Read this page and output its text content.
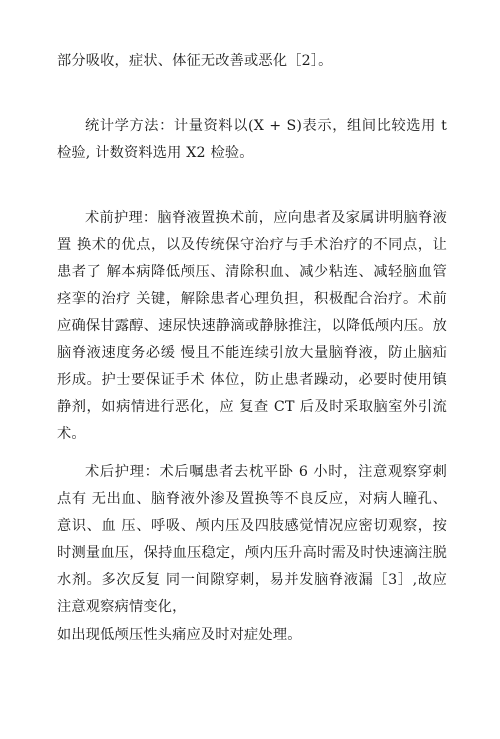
部分吸收，症状、体征无改善或恶化［2］。

统计学方法：计量资料以(X + S)表示，组间比较选用 t 检验, 计数资料选用 X2 检验。

术前护理：脑脊液置换术前，应向患者及家属讲明脑脊液置 换术的优点，以及传统保守治疗与手术治疗的不同点，让患者了 解本病降低颅压、清除积血、减少粘连、减轻脑血管痉挛的治疗 关键，解除患者心理负担，积极配合治疗。术前应确保甘露醇、速尿快速静滴或静脉推注，以降低颅内压。放脑脊液速度务必缓 慢且不能连续引放大量脑脊液，防止脑疝形成。护士要保证手术 体位，防止患者躁动，必要时使用镇静剂，如病情进行恶化，应 复查 CT 后及时采取脑室外引流术。

术后护理：术后嘱患者去枕平卧 6 小时，注意观察穿刺点有 无出血、脑脊液外渗及置换等不良反应，对病人瞳孔、意识、血 压、呼吸、颅内压及四肢感觉情况应密切观察，按时测量血压，保持血压稳定，颅内压升高时需及时快速滴注脱水剂。多次反复 同一间隙穿刺，易并发脑脊液漏［3］,故应注意观察病情变化，

如出现低颅压性头痛应及时对症处理。
